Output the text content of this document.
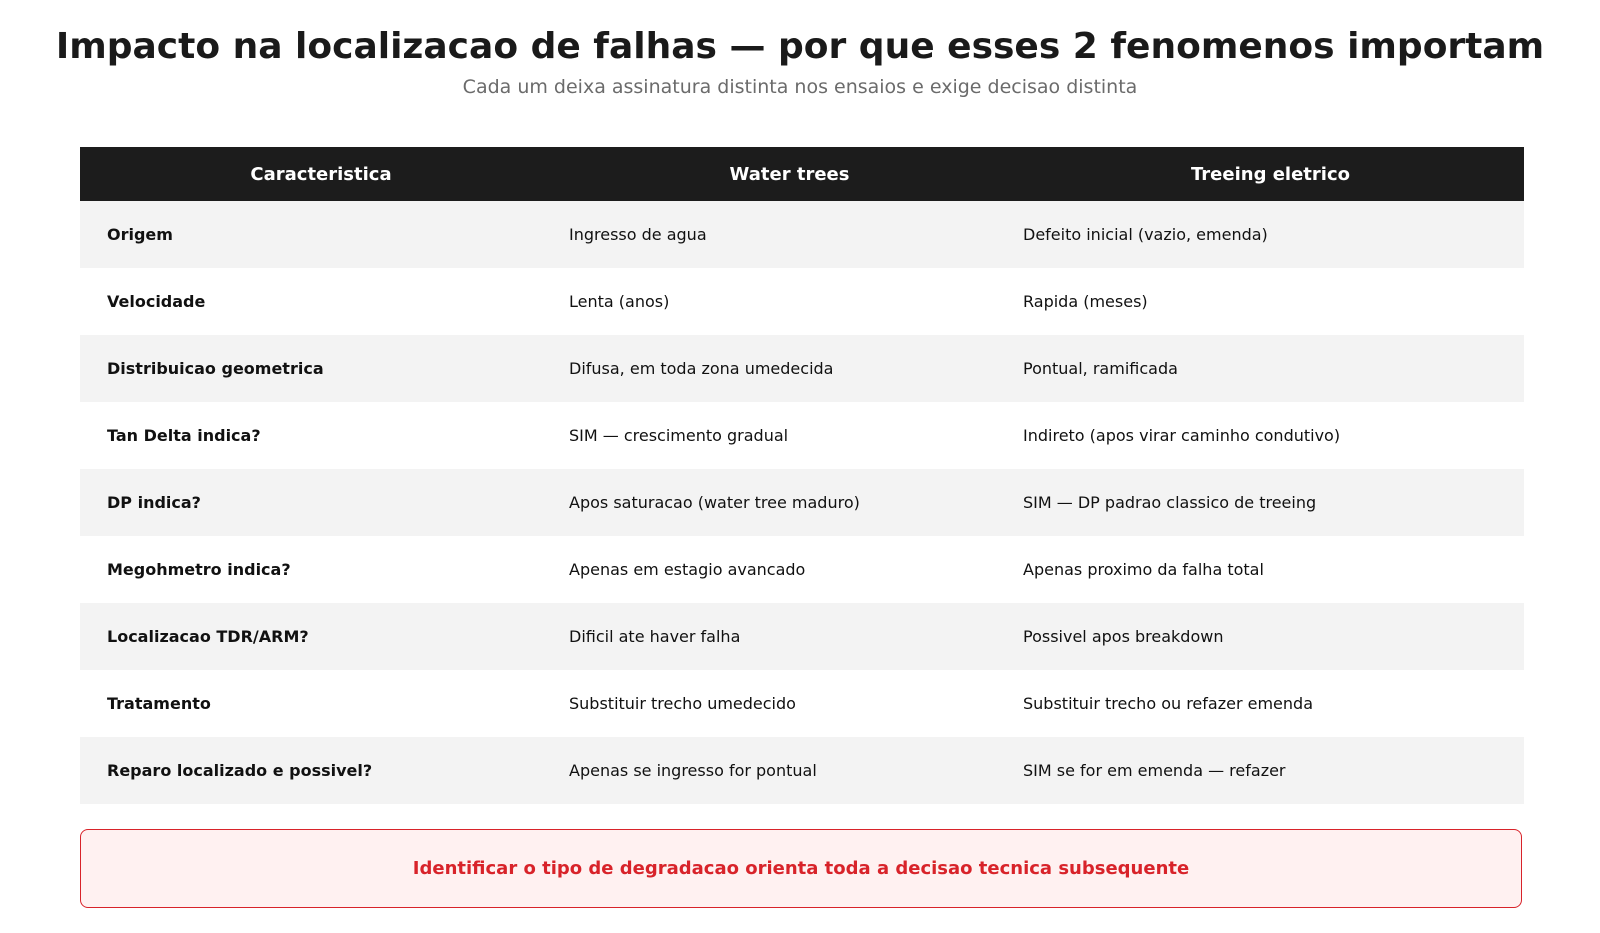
Impacto na localizacao de falhas — por que esses 2 fenomenos importam

Cada um deixa assinatura distinta nos ensaios e exige decisao distinta

Caracteristica	Water trees	Treeing eletrico
Origem	Ingresso de agua	Defeito inicial (vazio, emenda)
Velocidade	Lenta (anos)	Rapida (meses)
Distribuicao geometrica	Difusa, em toda zona umedecida	Pontual, ramificada
Tan Delta indica?	SIM — crescimento gradual	Indireto (apos virar caminho condutivo)
DP indica?	Apos saturacao (water tree maduro)	SIM — DP padrao classico de treeing
Megohmetro indica?	Apenas em estagio avancado	Apenas proximo da falha total
Localizacao TDR/ARM?	Dificil ate haver falha	Possivel apos breakdown
Tratamento	Substituir trecho umedecido	Substituir trecho ou refazer emenda
Reparo localizado e possivel?	Apenas se ingresso for pontual	SIM se for em emenda — refazer
Identificar o tipo de degradacao orienta toda a decisao tecnica subsequente
